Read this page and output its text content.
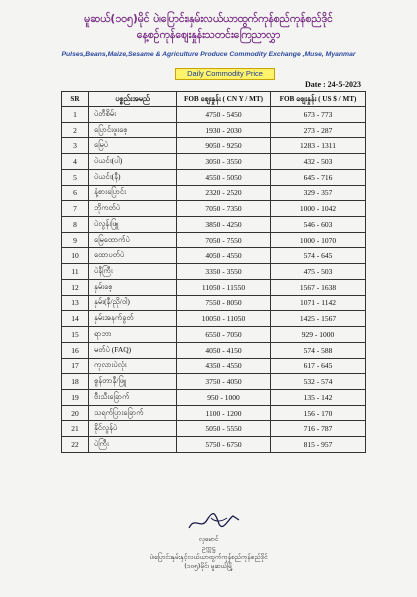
မူဆယ်(၁၀၅)မိုင် ပဲ၊ပြောင်း၊နှမ်းလယ်ယာထွက်ကုန်စည်ကုန်စည်ဒိုင်
နေ့စဉ်ကုန်စျေးနှုန်းသတင်းကြေညာလွှာ
Pulses,Beans,Maize,Sesame & Agriculture Produce Commodity Exchange ,Muse, Myanmar
Daily Commodity Price
Date : 24-5-2023
SR	ပစ္စည်းအမည်	FOB စျေးနှုန်း ( CN Y / MT)	FOB စျေးနှုန်း ( US $ / MT)
1	ပဲတီစိမ်း	4750 - 5450	673 - 773
2	ပြောင်းဖူးစေ့	1930 - 2030	273 - 287
3	မြေပဲ	9050 - 9250	1283 - 1311
4	ပဲယင်း(ပါ)	3050 - 3550	432 - 503
5	ပဲယင်း(နီ)	4550 - 5050	645 - 716
6	နံ့စားပြောင်း	2320 - 2520	329 - 357
7	ဘိုကတ်ပဲ	7050 - 7350	1000 - 1042
8	ပဲလွန်းဖြူ	3850 - 4250	546 - 603
9	မြေထောက်ပဲ	7050 - 7550	1000 - 1070
10	ထောပတ်ပဲ	4050 - 4550	574 - 645
11	ပဲနီကြီး	3350 - 3550	475 - 503
12	နှမ်းစေ့	11050 - 11550	1567 - 1638
13	နှမ်း(နီ/ညို/ဝါ)	7550 - 8050	1071 - 1142
14	နှမ်းအနက်ခွတ်	10050 - 11050	1425 - 1567
15	ရာဘာ	6550 - 7050	929 - 1000
16	မတ်ပဲ (FAQ)	4050 - 4150	574 - 588
17	ကုလားပဲလုံး	4350 - 4550	617 - 645
18	စွန်တာနီ/ဖြူ	3750 - 4050	532 - 574
19	ဗီးသီးခြောက်	950 - 1000	135 - 142
20	သရက်ပြားခြောက်	1100 - 1200	156 - 170
21	နိုင်လွန်ပဲ	5050 - 5550	716 - 787
22	ပဲကြီး	5750 - 6750	815 - 957
လှမောင်
ဥက္ကဋ္ဌ
ပဲ၊ပြောင်း၊နှမ်းနှင့်လယ်ယာထွက်ကုန်စည်ကုန်စည်ဒိုင်
(၁၀၅)မိုင်၊ မူဆယ်မြို့
